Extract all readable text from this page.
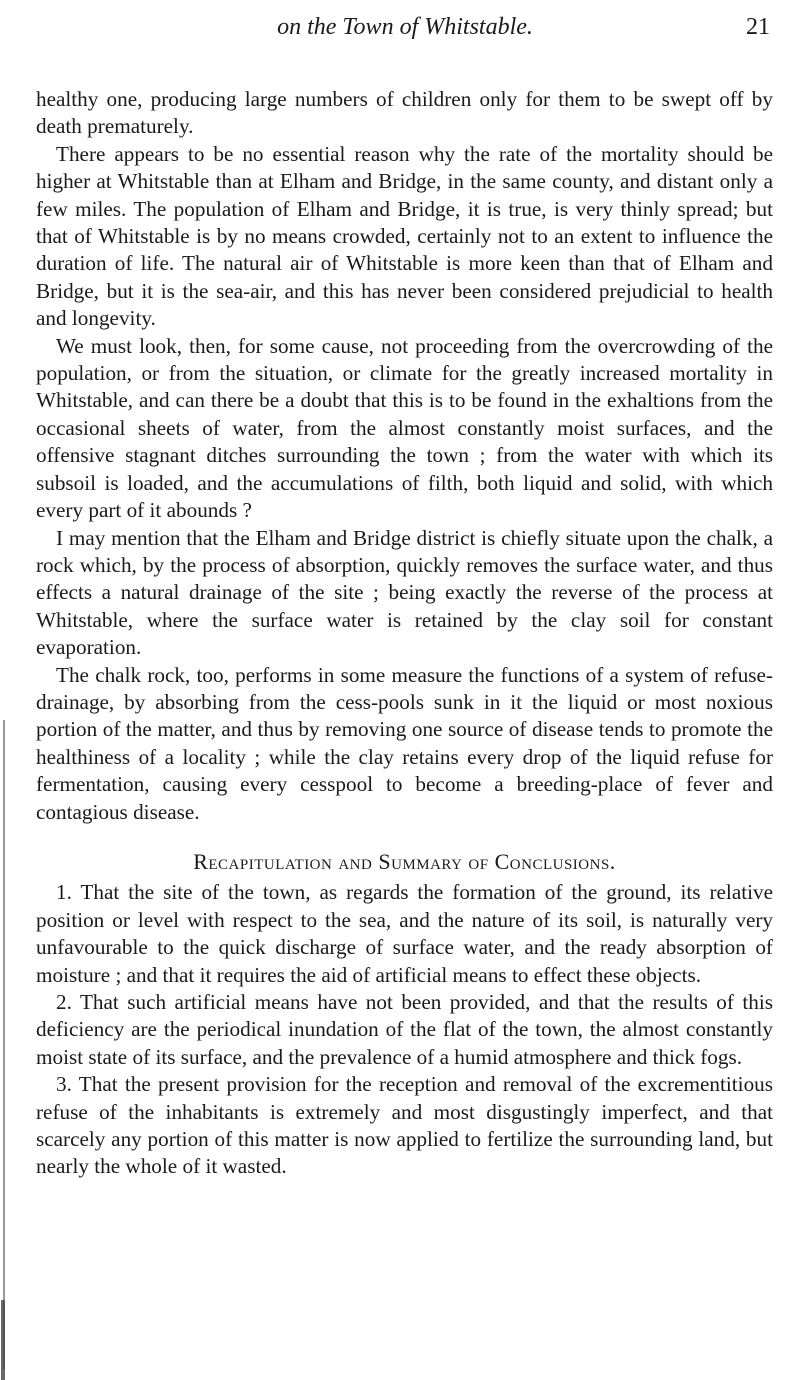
on the Town of Whitstable.	21

healthy one, producing large numbers of children only for them to be swept off by death prematurely.

There appears to be no essential reason why the rate of the mortality should be higher at Whitstable than at Elham and Bridge, in the same county, and distant only a few miles. The population of Elham and Bridge, it is true, is very thinly spread; but that of Whitstable is by no means crowded, certainly not to an extent to influence the duration of life. The natural air of Whitstable is more keen than that of Elham and Bridge, but it is the sea-air, and this has never been considered prejudicial to health and longevity.

We must look, then, for some cause, not proceeding from the overcrowding of the population, or from the situation, or climate for the greatly increased mortality in Whitstable, and can there be a doubt that this is to be found in the exhaltions from the occasional sheets of water, from the almost constantly moist surfaces, and the offensive stagnant ditches surrounding the town ; from the water with which its subsoil is loaded, and the accumulations of filth, both liquid and solid, with which every part of it abounds ?

I may mention that the Elham and Bridge district is chiefly situate upon the chalk, a rock which, by the process of absorption, quickly removes the surface water, and thus effects a natural drainage of the site ; being exactly the reverse of the process at Whitstable, where the surface water is retained by the clay soil for constant evaporation.

The chalk rock, too, performs in some measure the functions of a system of refuse-drainage, by absorbing from the cess-pools sunk in it the liquid or most noxious portion of the matter, and thus by removing one source of disease tends to promote the healthiness of a locality ; while the clay retains every drop of the liquid refuse for fermentation, causing every cesspool to become a breeding-place of fever and contagious disease.

Recapitulation and Summary of Conclusions.

1. That the site of the town, as regards the formation of the ground, its relative position or level with respect to the sea, and the nature of its soil, is naturally very unfavourable to the quick discharge of surface water, and the ready absorption of moisture ; and that it requires the aid of artificial means to effect these objects.

2. That such artificial means have not been provided, and that the results of this deficiency are the periodical inundation of the flat of the town, the almost constantly moist state of its surface, and the prevalence of a humid atmosphere and thick fogs.

3. That the present provision for the reception and removal of the excrementitious refuse of the inhabitants is extremely and most disgustingly imperfect, and that scarcely any portion of this matter is now applied to fertilize the surrounding land, but nearly the whole of it wasted.
